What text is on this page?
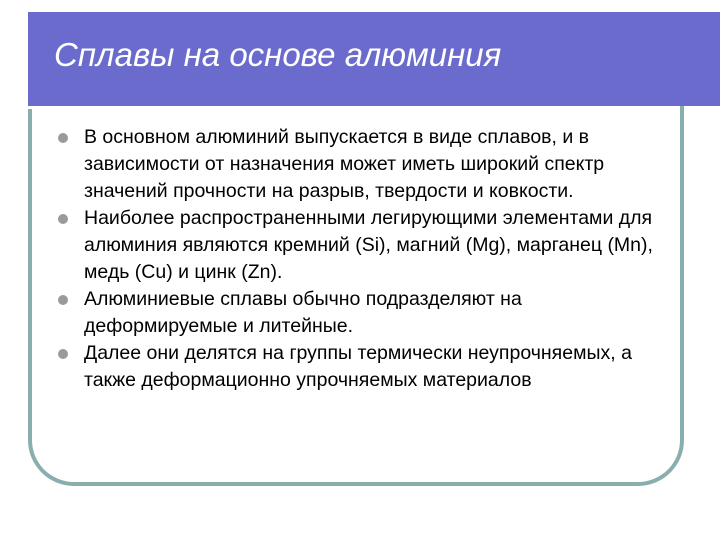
Сплавы на основе алюминия
В основном алюминий выпускается в виде сплавов, и в зависимости от назначения может иметь широкий спектр значений прочности на разрыв, твердости и ковкости.
Наиболее распространенными легирующими элементами для алюминия являются кремний (Si), магний (Mg), марганец (Mn), медь (Cu) и цинк (Zn).
Алюминиевые сплавы обычно подразделяют на деформируемые и литейные.
Далее они делятся на группы термически неупрочняемых, а также деформационно упрочняемых материалов
